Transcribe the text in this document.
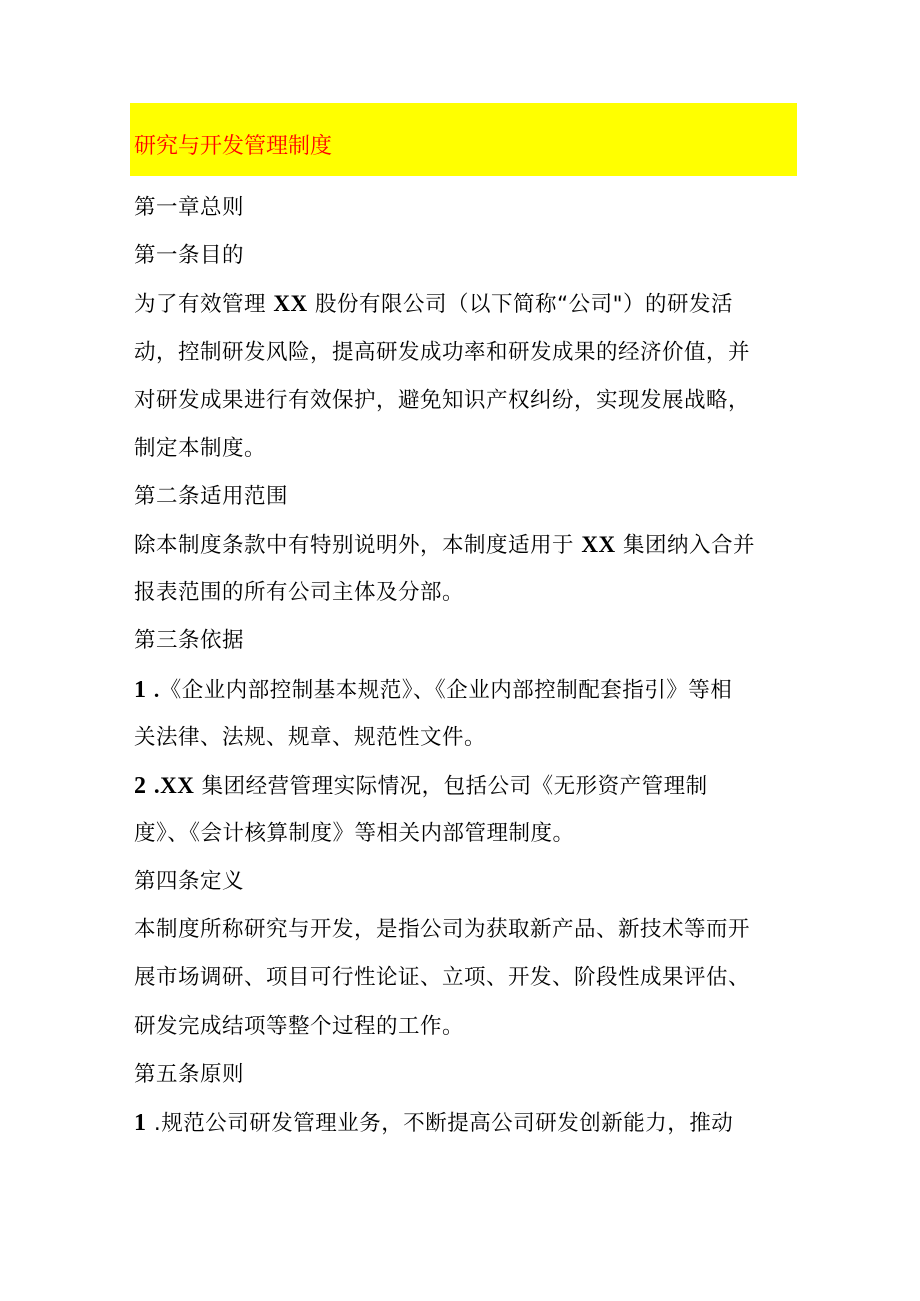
研究与开发管理制度
第一章总则
第一条目的
为了有效管理 XX 股份有限公司（以下简称“公司"）的研发活
动，控制研发风险，提高研发成功率和研发成果的经济价值，并
对研发成果进行有效保护，避免知识产权纠纷，实现发展战略，
制定本制度。
第二条适用范围
除本制度条款中有特别说明外，本制度适用于 XX 集团纳入合并
报表范围的所有公司主体及分部。
第三条依据
1 .《企业内部控制基本规范》、《企业内部控制配套指引》等相
关法律、法规、规章、规范性文件。
2 .XX 集团经营管理实际情况，包括公司《无形资产管理制
度》、《会计核算制度》等相关内部管理制度。
第四条定义
本制度所称研究与开发，是指公司为获取新产品、新技术等而开
展市场调研、项目可行性论证、立项、开发、阶段性成果评估、
研发完成结项等整个过程的工作。
第五条原则
1 .规范公司研发管理业务，不断提高公司研发创新能力，推动
